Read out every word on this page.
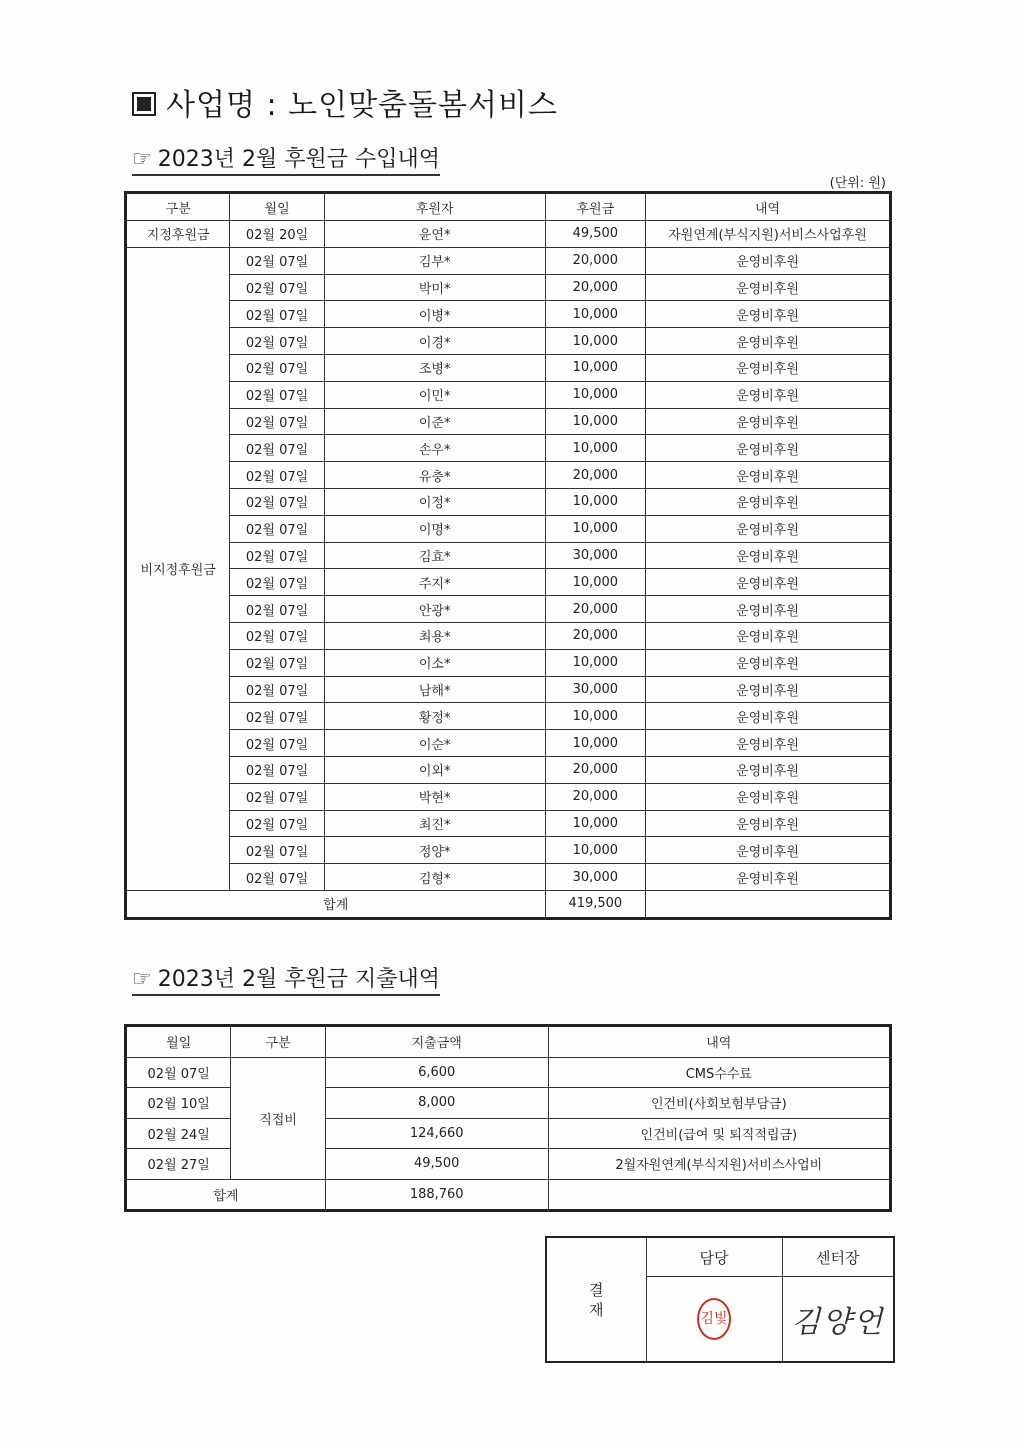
사업명 : 노인맞춤돌봄서비스
☞ 2023년 2월 후원금 수입내역
(단위: 원)
구분	월일	후원자	후원금	내역
지정후원금	02월 20일	윤연*	49,500	자원연계(부식지원)서비스사업후원
비지정후원금	02월 07일	김부*	20,000	운영비후원
	02월 07일	박미*	20,000	운영비후원
	02월 07일	이병*	10,000	운영비후원
	02월 07일	이경*	10,000	운영비후원
	02월 07일	조병*	10,000	운영비후원
	02월 07일	이민*	10,000	운영비후원
	02월 07일	이준*	10,000	운영비후원
	02월 07일	손우*	10,000	운영비후원
	02월 07일	유충*	20,000	운영비후원
	02월 07일	이정*	10,000	운영비후원
	02월 07일	이명*	10,000	운영비후원
	02월 07일	김효*	30,000	운영비후원
	02월 07일	주지*	10,000	운영비후원
	02월 07일	안광*	20,000	운영비후원
	02월 07일	최용*	20,000	운영비후원
	02월 07일	이소*	10,000	운영비후원
	02월 07일	남해*	30,000	운영비후원
	02월 07일	황정*	10,000	운영비후원
	02월 07일	이순*	10,000	운영비후원
	02월 07일	이외*	20,000	운영비후원
	02월 07일	박현*	20,000	운영비후원
	02월 07일	최진*	10,000	운영비후원
	02월 07일	정양*	10,000	운영비후원
	02월 07일	김형*	30,000	운영비후원
합계			419,500	
☞ 2023년 2월 후원금 지출내역
월일	구분	지출금액	내역
02월 07일	직접비	6,600	CMS수수료
02월 10일		8,000	인건비(사회보험부담금)
02월 24일		124,660	인건비(급여 및 퇴직적립금)
02월 27일		49,500	2월자원연계(부식지원)서비스사업비
합계		188,760	
결재	담당	센터장

	김빛	김양언
